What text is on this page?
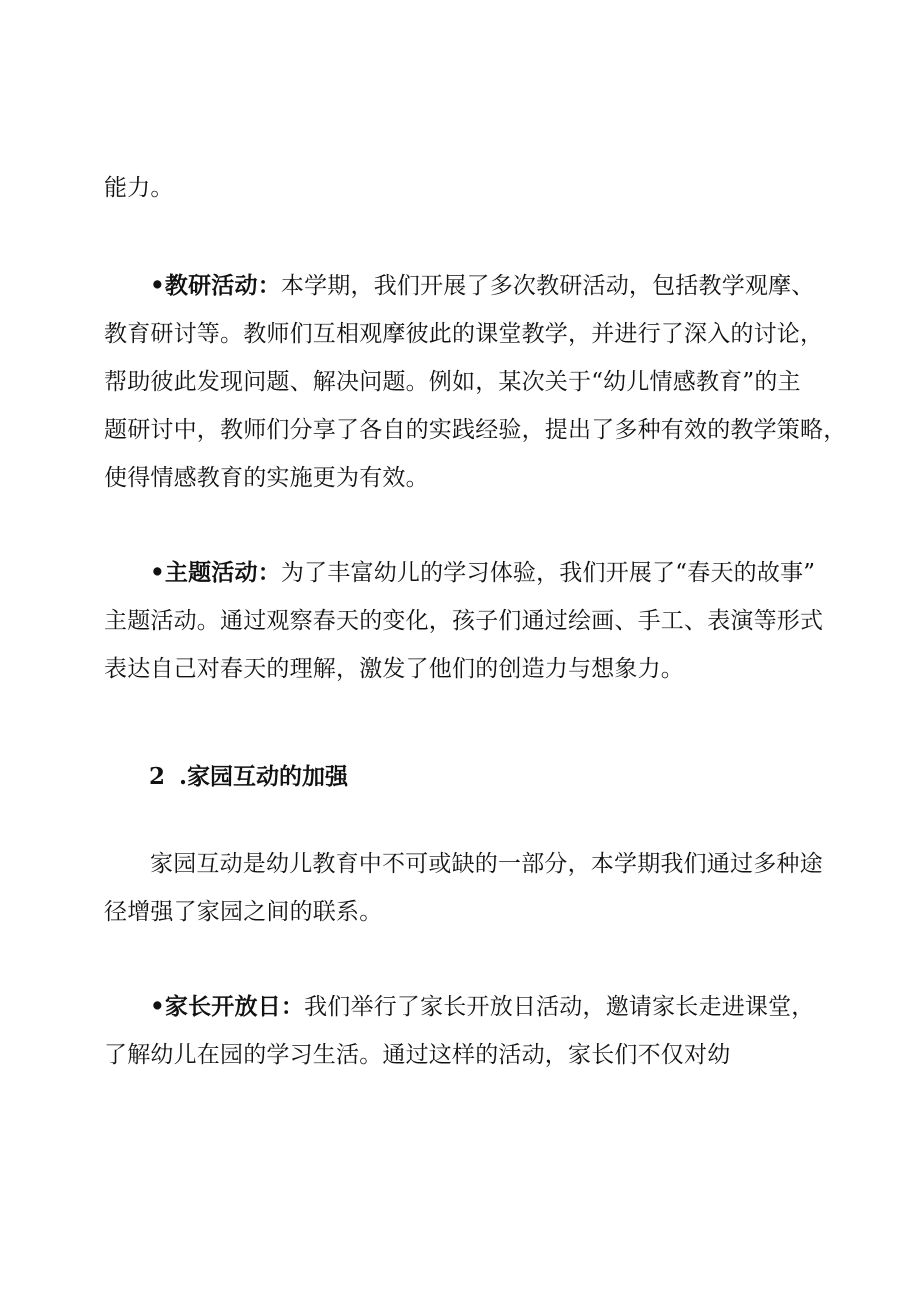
能力。
•教研活动：本学期，我们开展了多次教研活动，包括教学观摩、
教育研讨等。教师们互相观摩彼此的课堂教学，并进行了深入的讨论，
帮助彼此发现问题、解决问题。例如，某次关于“幼儿情感教育”的主
题研讨中，教师们分享了各自的实践经验，提出了多种有效的教学策略，
使得情感教育的实施更为有效。
•主题活动：为了丰富幼儿的学习体验，我们开展了“春天的故事”
主题活动。通过观察春天的变化，孩子们通过绘画、手工、表演等形式
表达自己对春天的理解，激发了他们的创造力与想象力。
2 .家园互动的加强
家园互动是幼儿教育中不可或缺的一部分，本学期我们通过多种途
径增强了家园之间的联系。
•家长开放日：我们举行了家长开放日活动，邀请家长走进课堂，
了解幼儿在园的学习生活。通过这样的活动，家长们不仅对幼
